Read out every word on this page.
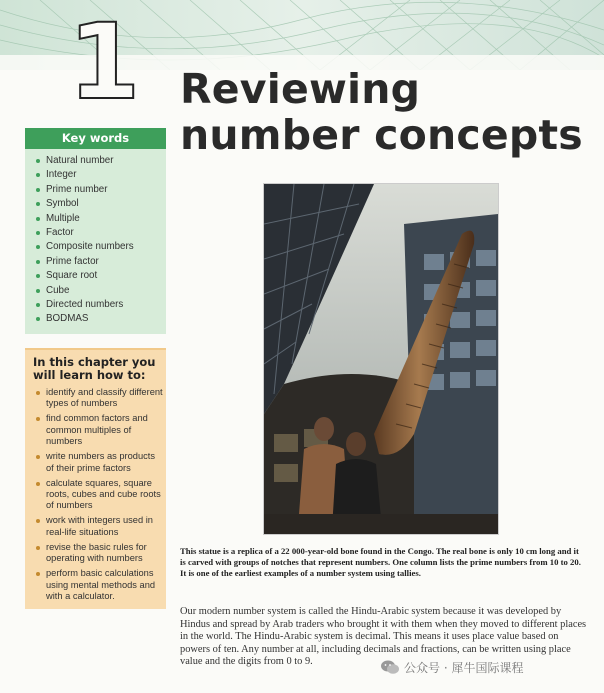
1 Reviewing number concepts
Key words
Natural number
Integer
Prime number
Symbol
Multiple
Factor
Composite numbers
Prime factor
Square root
Cube
Directed numbers
BODMAS
In this chapter you will learn how to:
identify and classify different types of numbers
find common factors and common multiples of numbers
write numbers as products of their prime factors
calculate squares, square roots, cubes and cube roots of numbers
work with integers used in real-life situations
revise the basic rules for operating with numbers
perform basic calculations using mental methods and with a calculator.

This statue is a replica of a 22 000-year-old bone found in the Congo. The real bone is only 10 cm long and it is carved with groups of notches that represent numbers. One column lists the prime numbers from 10 to 20. It is one of the earliest examples of a number system using tallies.

Our modern number system is called the Hindu-Arabic system because it was developed by Hindus and spread by Arab traders who brought it with them when they moved to different places in the world. The Hindu-Arabic system is decimal. This means it uses place value based on powers of ten. Any number at all, including decimals and fractions, can be written using place value and the digits from 0 to 9.	公众号 · 犀牛国际课程
